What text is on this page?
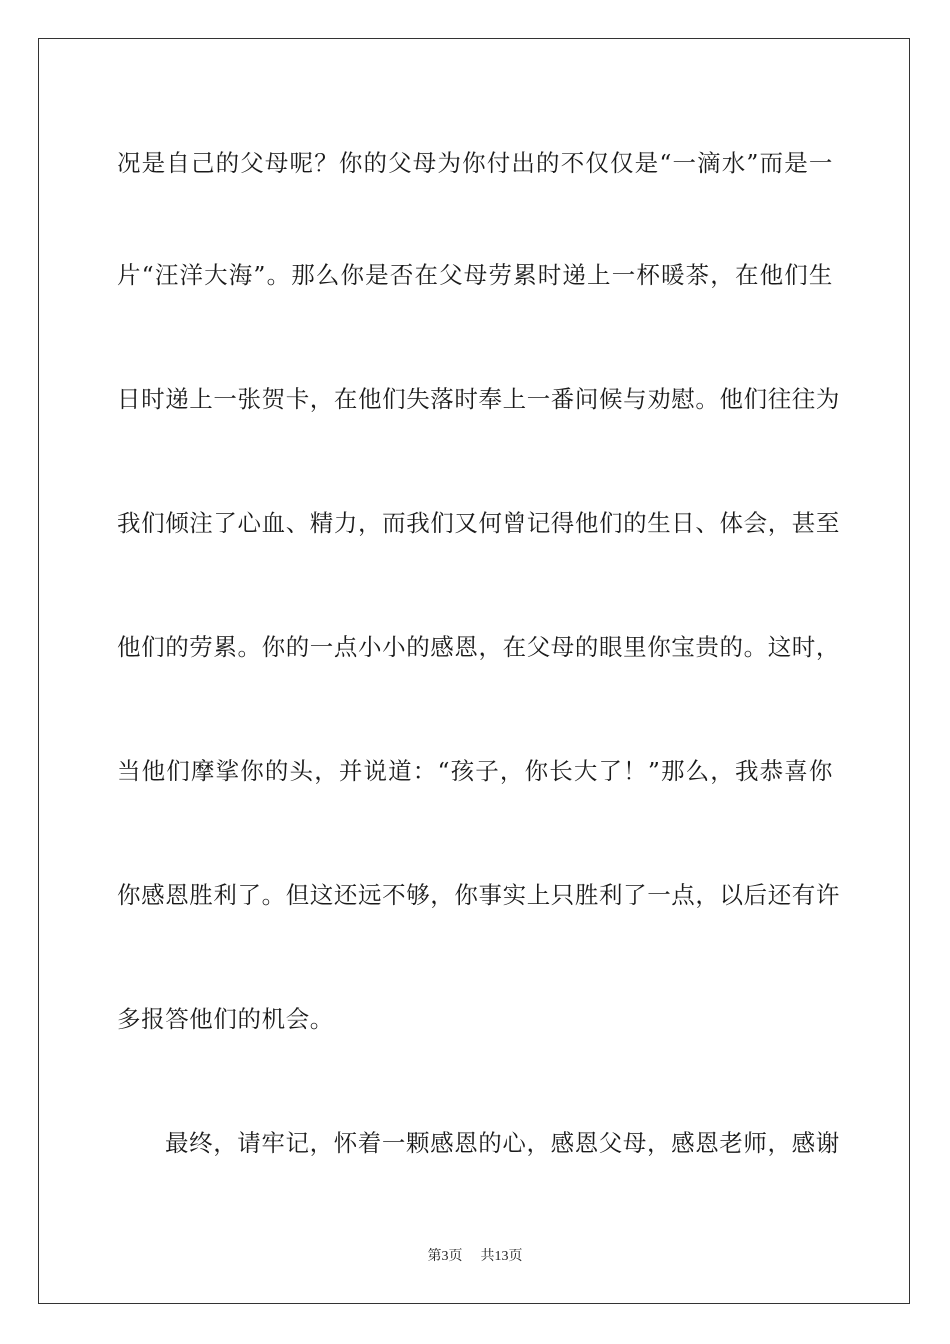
况是自己的父母呢？你的父母为你付出的不仅仅是“一滴水”而是一
片“汪洋大海”。那么你是否在父母劳累时递上一杯暖茶，在他们生
日时递上一张贺卡，在他们失落时奉上一番问候与劝慰。他们往往为
我们倾注了心血、精力，而我们又何曾记得他们的生日、体会，甚至
他们的劳累。你的一点小小的感恩，在父母的眼里你宝贵的。这时，
当他们摩挲你的头，并说道：“孩子，你长大了！”那么，我恭喜你
你感恩胜利了。但这还远不够，你事实上只胜利了一点，以后还有许
多报答他们的机会。
最终，请牢记，怀着一颗感恩的心，感恩父母，感恩老师，感谢
第3页 共13页
